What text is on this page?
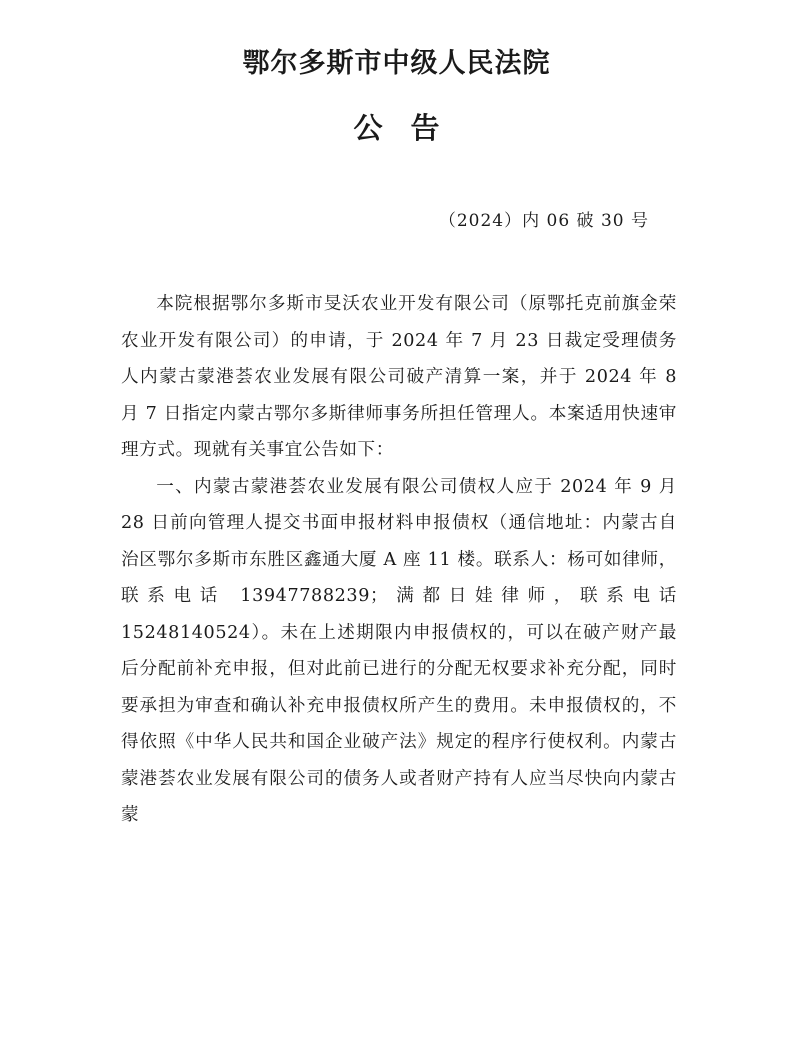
鄂尔多斯市中级人民法院
公 告
（2024）内 06 破 30 号

本院根据鄂尔多斯市旻沃农业开发有限公司（原鄂托克前旗金荣农业开发有限公司）的申请，于 2024 年 7 月 23 日裁定受理债务人内蒙古蒙港荟农业发展有限公司破产清算一案，并于 2024 年 8 月 7 日指定内蒙古鄂尔多斯律师事务所担任管理人。本案适用快速审理方式。现就有关事宜公告如下：

一、内蒙古蒙港荟农业发展有限公司债权人应于 2024 年 9 月 28 日前向管理人提交书面申报材料申报债权（通信地址：内蒙古自治区鄂尔多斯市东胜区鑫通大厦 A 座 11 楼。联系人：杨可如律师，联系电话 13947788239；满都日娃律师，联系电话 15248140524）。未在上述期限内申报债权的，可以在破产财产最后分配前补充申报，但对此前已进行的分配无权要求补充分配，同时要承担为审查和确认补充申报债权所产生的费用。未申报债权的，不得依照《中华人民共和国企业破产法》规定的程序行使权利。内蒙古蒙港荟农业发展有限公司的债务人或者财产持有人应当尽快向内蒙古蒙
